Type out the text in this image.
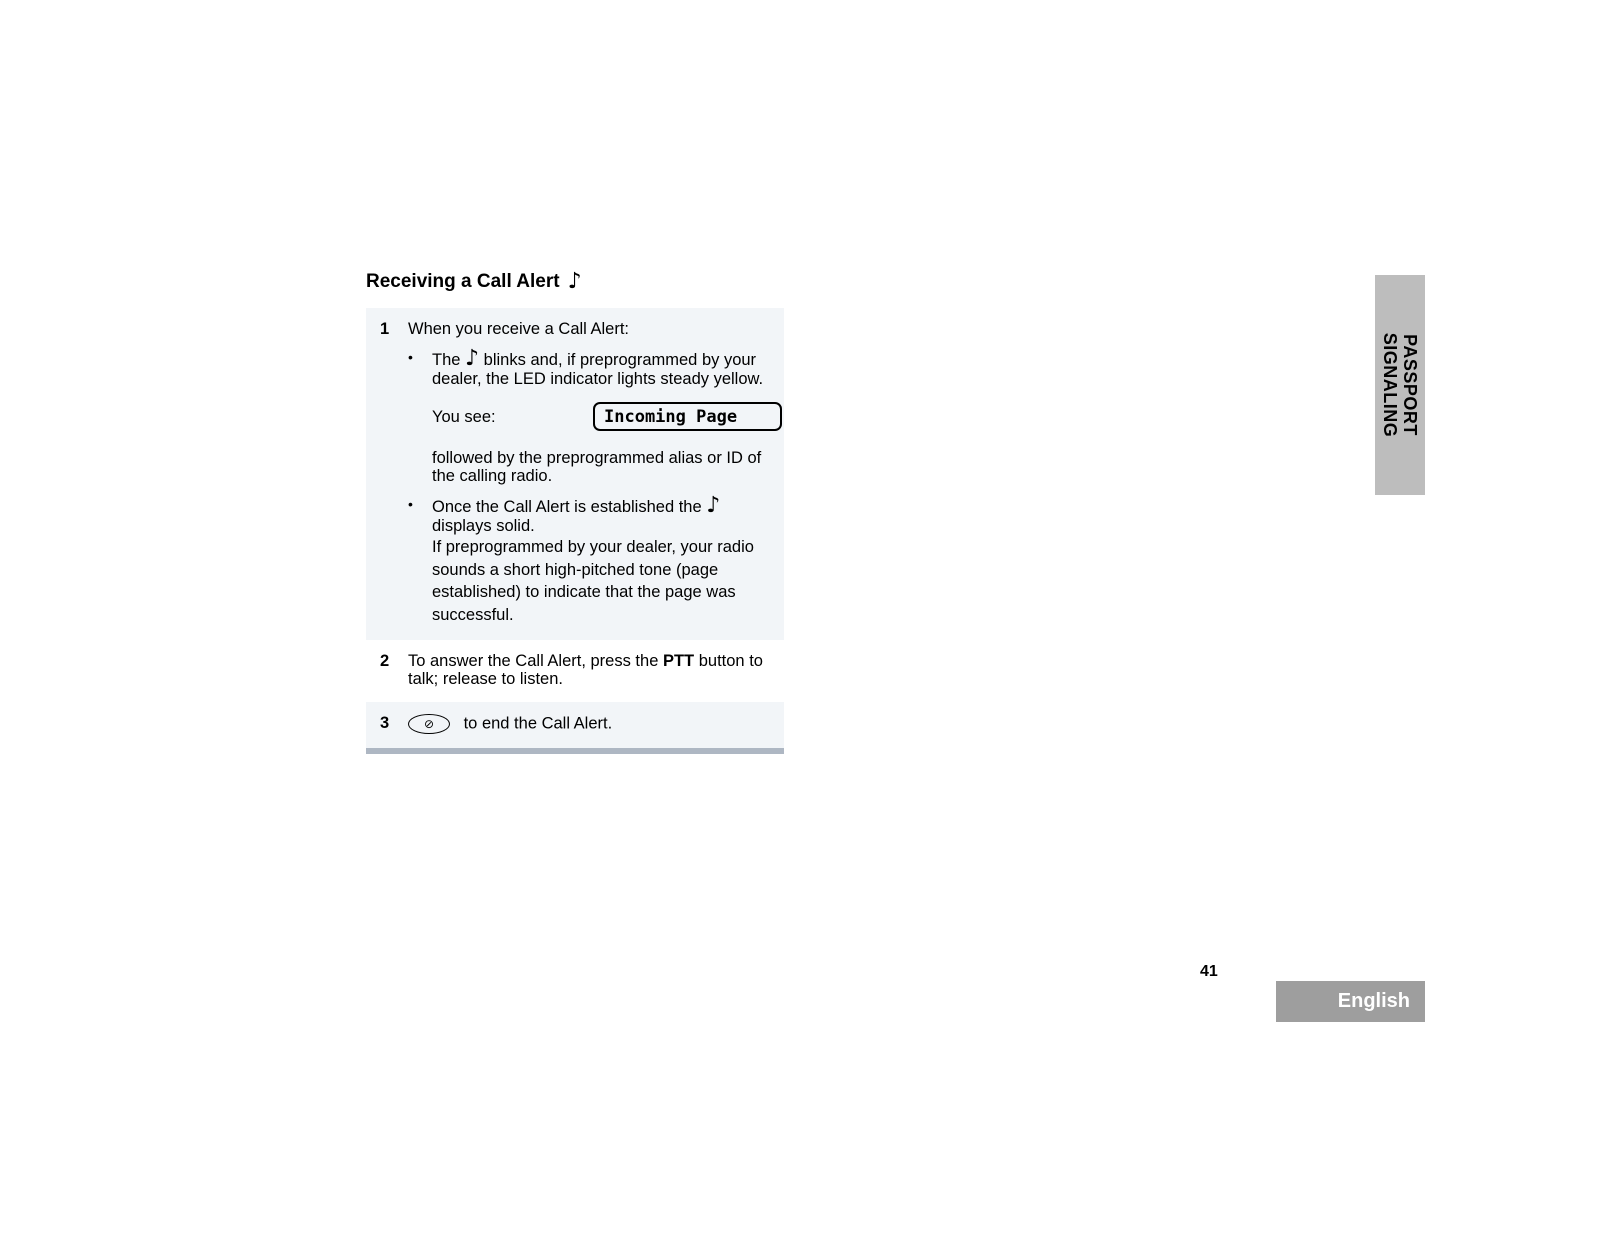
Receiving a Call Alert ♪
1 When you receive a Call Alert:
• The ♪ blinks and, if preprogrammed by your dealer, the LED indicator lights steady yellow.
You see:	Incoming Page
followed by the preprogrammed alias or ID of the calling radio.
• Once the Call Alert is established the ♪ displays solid.
If preprogrammed by your dealer, your radio sounds a short high-pitched tone (page established) to indicate that the page was successful.
2 To answer the Call Alert, press the PTT button to talk; release to listen.
3	⊘ to end the Call Alert.
PASSPORT
SIGNALING
41
English
